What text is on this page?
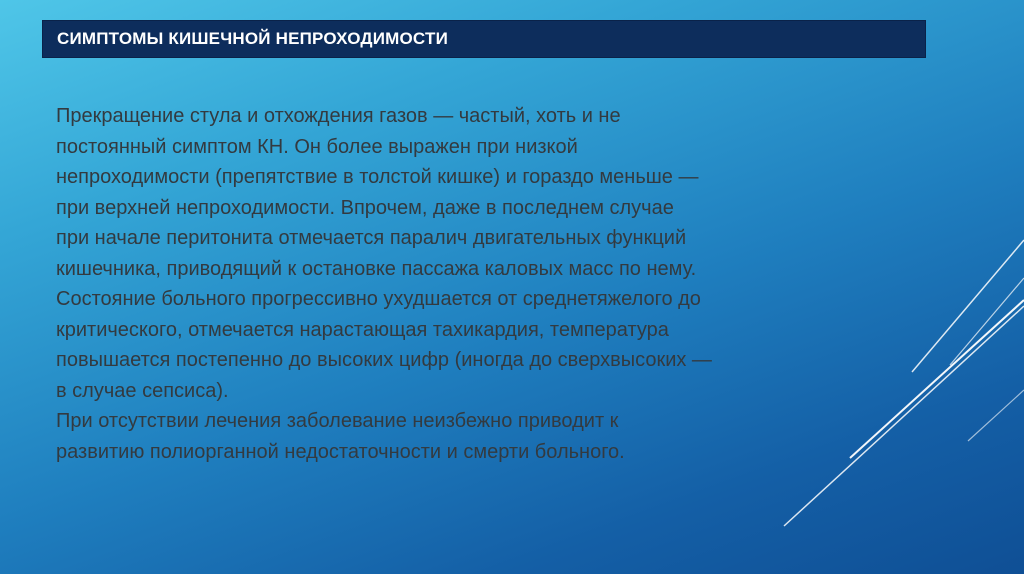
СИМПТОМЫ КИШЕЧНОЙ НЕПРОХОДИМОСТИ
Прекращение стула и отхождения газов — частый, хоть и не
постоянный симптом КН. Он более выражен при низкой
непроходимости (препятствие в толстой кишке) и гораздо меньше —
при верхней непроходимости. Впрочем, даже в последнем случае
при начале перитонита отмечается паралич двигательных функций
кишечника, приводящий к остановке пассажа каловых масс по нему.
Состояние больного прогрессивно ухудшается от среднетяжелого до
критического, отмечается нарастающая тахикардия, температура
повышается постепенно до высоких цифр (иногда до сверхвысоких —
в случае сепсиса).
При отсутствии лечения заболевание неизбежно приводит к
развитию полиорганной недостаточности и смерти больного.
